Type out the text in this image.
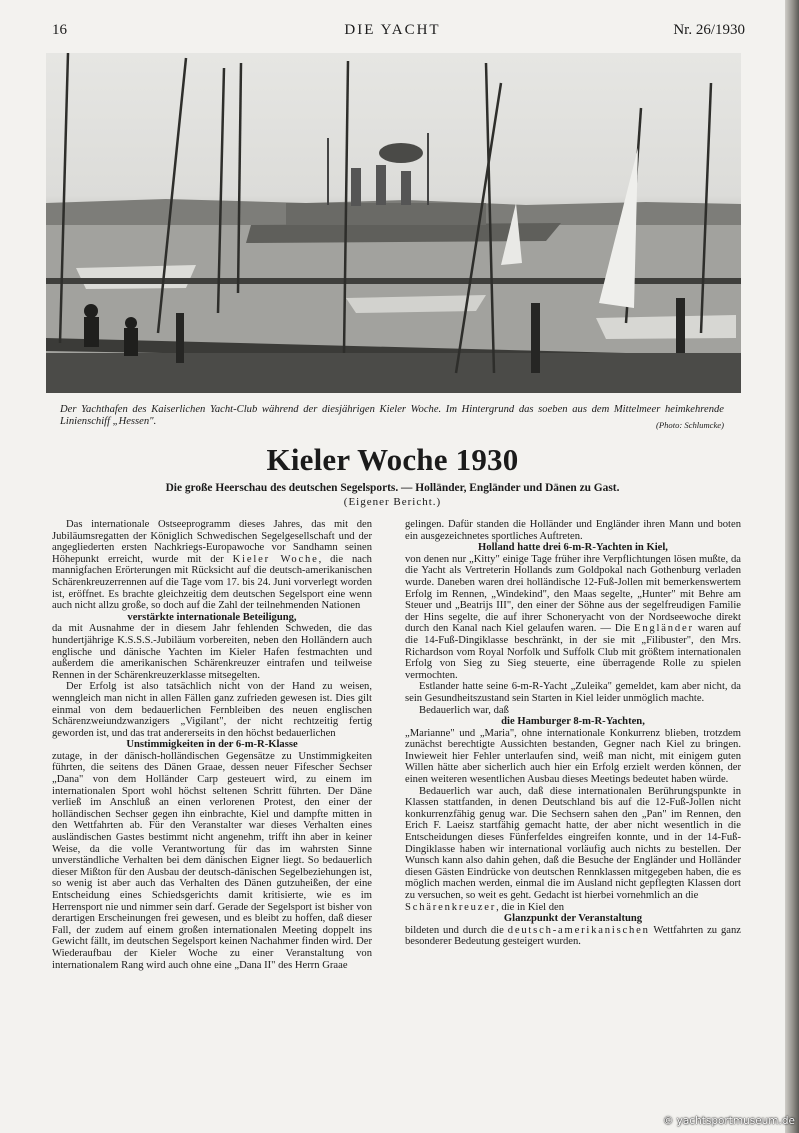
16	DIE YACHT	Nr. 26/1930
Der Yachthafen des Kaiserlichen Yacht-Club während der diesjährigen Kieler Woche. Im Hintergrund das soeben aus dem Mittelmeer heimkehrende Linienschiff „Hessen".	(Photo: Schlumcke)
Kieler Woche 1930
Die große Heerschau des deutschen Segelsports. — Holländer, Engländer und Dänen zu Gast.
(Eigener Bericht.)

Das internationale Ostseeprogramm dieses Jahres, das mit den Jubiläumsregatten der Königlich Schwedischen Segelgesellschaft und der angegliederten ersten Nachkriegs-Europawoche vor Sandhamn seinen Höhepunkt erreicht, wurde mit der Kieler Woche, die nach mannigfachen Erörterungen mit Rücksicht auf die deutsch-amerikanischen Schärenkreuzerrennen auf die Tage vom 17. bis 24. Juni vorverlegt worden ist, eröffnet. Es brachte gleichzeitig dem deutschen Segelsport eine wenn auch nicht allzu große, so doch auf die Zahl der teilnehmenden Nationen

verstärkte internationale Beteiligung,

da mit Ausnahme der in diesem Jahr fehlenden Schweden, die das hundertjährige K.S.S.S.-Jubiläum vorbereiten, neben den Holländern auch englische und dänische Yachten im Kieler Hafen festmachten und außerdem die amerikanischen Schärenkreuzer eintrafen und teilweise Rennen in der Schärenkreuzerklasse mitsegelten.

Der Erfolg ist also tatsächlich nicht von der Hand zu weisen, wenngleich man nicht in allen Fällen ganz zufrieden gewesen ist. Dies gilt einmal von dem bedauerlichen Fernbleiben des neuen englischen Schärenzweiundzwanzigers „Vigilant", der nicht rechtzeitig fertig geworden ist, und das trat andererseits in den höchst bedauerlichen

Unstimmigkeiten in der 6-m-R-Klasse

zutage, in der dänisch-holländischen Gegensätze zu Unstimmigkeiten führten, die seitens des Dänen Graae, dessen neuer Fifescher Sechser „Dana" von dem Holländer Carp gesteuert wird, zu einem im internationalen Sport wohl höchst seltenen Schritt führten. Der Däne verließ im Anschluß an einen verlorenen Protest, den einer der holländischen Sechser gegen ihn einbrachte, Kiel und dampfte mitten in den Wettfahrten ab. Für den Veranstalter war dieses Verhalten eines ausländischen Gastes bestimmt nicht angenehm, trifft ihn aber in keiner Weise, da die volle Verantwortung für das im wahrsten Sinne unverständliche Verhalten bei dem dänischen Eigner liegt. So bedauerlich dieser Mißton für den Ausbau der deutsch-dänischen Segelbeziehungen ist, so wenig ist aber auch das Verhalten des Dänen gutzuheißen, der eine Entscheidung eines Schiedsgerichts damit kritisierte, wie es im Herrensport nie und nimmer sein darf. Gerade der Segelsport ist bisher von derartigen Erscheinungen frei gewesen, und es bleibt zu hoffen, daß dieser Fall, der zudem auf einem großen internationalen Meeting doppelt ins Gewicht fällt, im deutschen Segelsport keinen Nachahmer finden wird. Der Wiederaufbau der Kieler Woche zu einer Veranstaltung von internationalem Rang wird auch ohne eine „Dana II" des Herrn Graae

gelingen. Dafür standen die Holländer und Engländer ihren Mann und boten ein ausgezeichnetes sportliches Auftreten.

Holland hatte drei 6-m-R-Yachten in Kiel,

von denen nur „Kitty" einige Tage früher ihre Verpflichtungen lösen mußte, da die Yacht als Vertreterin Hollands zum Goldpokal nach Gothenburg verladen wurde. Daneben waren drei holländische 12-Fuß-Jollen mit bemerkenswertem Erfolg im Rennen, „Windekind", den Maas segelte, „Hunter" mit Behre am Steuer und „Beatrijs III", den einer der Söhne aus der segelfreudigen Familie der Hins segelte, die auf ihrer Schoneryacht von der Nordseewoche direkt durch den Kanal nach Kiel gelaufen waren. — Die Engländer waren auf die 14-Fuß-Dingiklasse beschränkt, in der sie mit „Filibuster", den Mrs. Richardson vom Royal Norfolk und Suffolk Club mit größtem internationalen Erfolg von Sieg zu Sieg steuerte, eine überragende Rolle zu spielen vermochten.

Estlander hatte seine 6-m-R-Yacht „Zuleika" gemeldet, kam aber nicht, da sein Gesundheitszustand sein Starten in Kiel leider unmöglich machte.

Bedauerlich war, daß

die Hamburger 8-m-R-Yachten,

„Marianne" und „Maria", ohne internationale Konkurrenz blieben, trotzdem zunächst berechtigte Aussichten bestanden, Gegner nach Kiel zu bringen. Inwieweit hier Fehler unterlaufen sind, weiß man nicht, mit einigem guten Willen hätte aber sicherlich auch hier ein Erfolg erzielt werden können, der einen weiteren wesentlichen Ausbau dieses Meetings bedeutet haben würde.

Bedauerlich war auch, daß diese internationalen Berührungspunkte in Klassen stattfanden, in denen Deutschland bis auf die 12-Fuß-Jollen nicht konkurrenzfähig genug war. Die Sechsern sahen den „Pan" im Rennen, den Erich F. Laeisz startfähig gemacht hatte, der aber nicht wesentlich in die Entscheidungen dieses Fünferfeldes eingreifen konnte, und in der 14-Fuß-Dingiklasse haben wir international vorläufig auch nichts zu bestellen. Der Wunsch kann also dahin gehen, daß die Besuche der Engländer und Holländer diesen Gästen Eindrücke von deutschen Rennklassen mitgegeben haben, die es möglich machen werden, einmal die im Ausland nicht gepflegten Klassen dort zu versuchen, so weit es geht. Gedacht ist hierbei vornehmlich an die

Schärenkreuzer, die in Kiel den

Glanzpunkt der Veranstaltung

bildeten und durch die deutsch-amerikanischen Wettfahrten zu ganz besonderer Bedeutung gesteigert wurden.

© yachtsportmuseum.de
